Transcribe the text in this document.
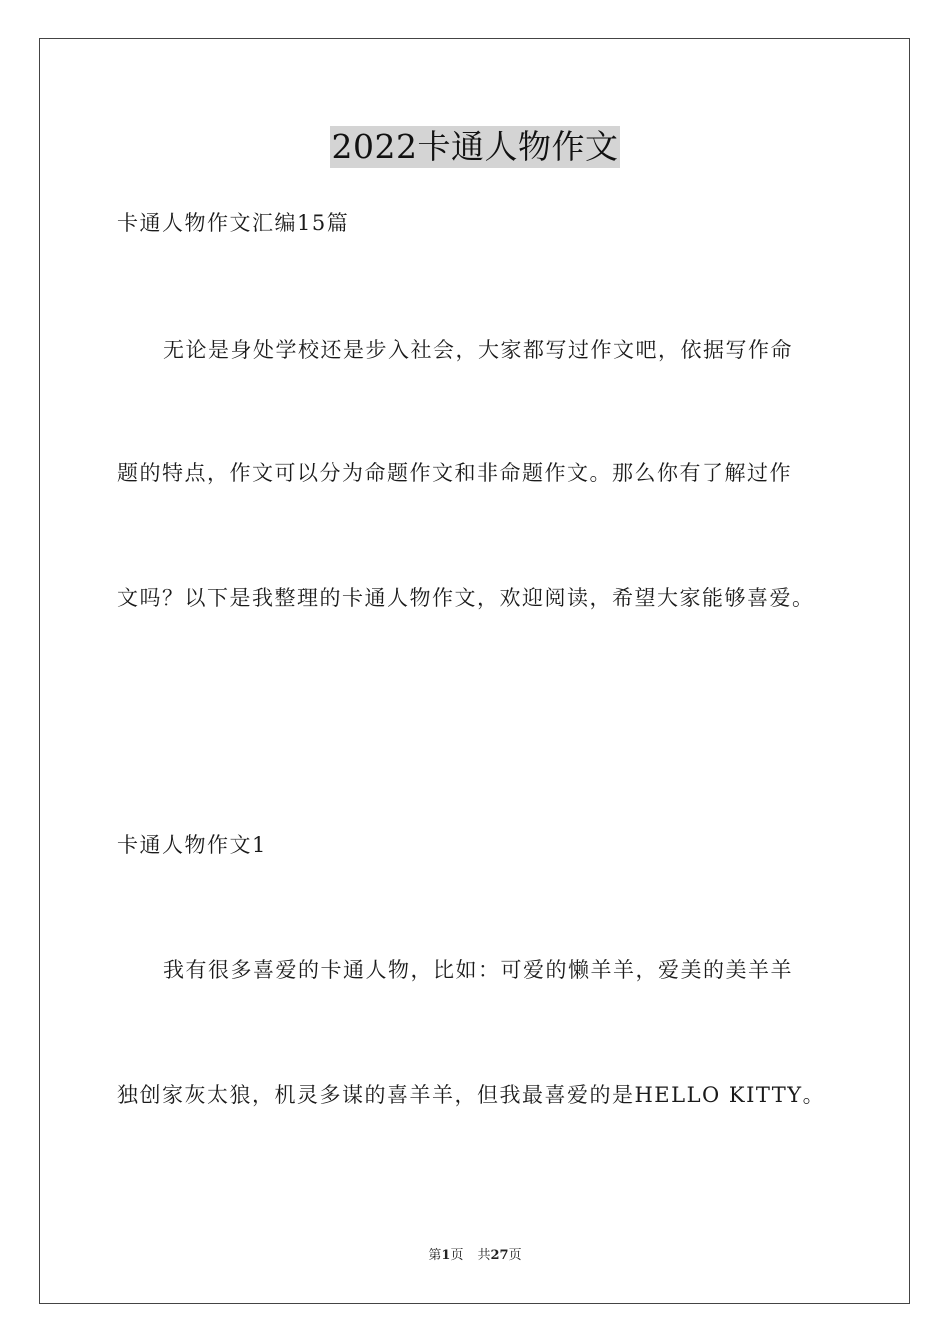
2022卡通人物作文
卡通人物作文汇编15篇
无论是身处学校还是步入社会，大家都写过作文吧，依据写作命
题的特点，作文可以分为命题作文和非命题作文。那么你有了解过作
文吗？以下是我整理的卡通人物作文，欢迎阅读，希望大家能够喜爱。
卡通人物作文1
我有很多喜爱的卡通人物，比如：可爱的懒羊羊，爱美的美羊羊
独创家灰太狼，机灵多谋的喜羊羊，但我最喜爱的是HELLO KITTY。
第1页 共27页
